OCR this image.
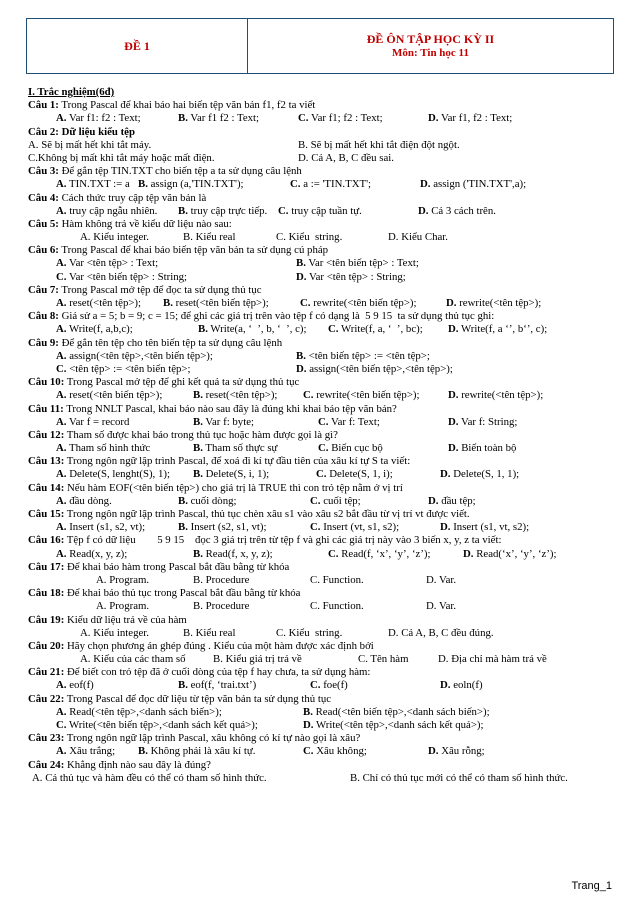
ĐỀ 1	ĐỀ ÔN TẬP HỌC KỲ II
Môn: Tin học 11
I. Trắc nghiệm(6đ)
Câu 1: Trong Pascal để khai báo hai biến tệp văn bản f1, f2 ta viết
A. Var f1: f2 : Text;	B. Var f1 f2 : Text;	C. Var f1; f2 : Text;	D. Var f1, f2 : Text;
Câu 2: Dữ liệu kiểu tệp
A. Sẽ bị mất hết khi tắt máy.	B. Sẽ bị mất hết khi tắt điện đột ngột.
C.Không bị mất khi tắt máy hoặc mất điện.	D. Cả A, B, C đều sai.
Câu 3: Để gắn tệp TIN.TXT cho biến tệp a ta sử dụng câu lệnh
A. TIN.TXT := a B. assign (a,'TIN.TXT');	C. a := 'TIN.TXT';	D. assign ('TIN.TXT',a);
Câu 4: Cách thức truy cập tệp văn bản là
A. truy cập ngẫu nhiên. B. truy cập trực tiếp. C. truy cập tuần tự.	D. Cả 3 cách trên.
Câu 5: Hàm không trả về kiểu dữ liệu nào sau:
A. Kiểu integer.	B. Kiểu real	C. Kiểu  string.	D. Kiểu Char.
Câu 6: Trong Pascal để khai báo biến tệp văn bản ta sử dụng cú pháp
A. Var <tên tệp> : Text;	B. Var <tên biến tệp> : Text;
C. Var <tên biến tệp> : String;	D. Var <tên tệp> : String;
Câu 7: Trong Pascal mở tệp để đọc ta sử dụng thủ tục
A. reset(<tên tệp>); B. reset(<tên biến tệp>);	C. rewrite(<tên biến tệp>);	D. rewrite(<tên tệp>);
Câu 8: Giả sử a = 5; b = 9; c = 15; để ghi các giá trị trên vào tệp f có dạng là  5 9 15  ta sử dụng thủ tục ghi:
A. Write(f, a,b,c);	B. Write(a, ‘  ’, b, ‘  ’, c); C. Write(f, a, ‘  ’, bc); D. Write(f, a ‘’, b‘’, c);
Câu 9: Để gắn tên tệp cho tên biến tệp ta sử dụng câu lệnh
A. assign(<tên tệp>,<tên biến tệp>);	B. <tên biến tệp> := <tên tệp>;
C. <tên tệp> := <tên biến tệp>;	D. assign(<tên biến tệp>,<tên tệp>);
Câu 10: Trong Pascal mở tệp để ghi kết quả ta sử dụng thủ tục
A. reset(<tên biến tệp>);	B. reset(<tên tệp>); C. rewrite(<tên biến tệp>);	D. rewrite(<tên tệp>);
Câu 11: Trong NNLT Pascal, khai báo nào sau đây là đúng khi khai báo tệp văn bản?
A. Var f = record	B. Var f: byte;	C. Var f: Text;	D. Var f: String;
Câu 12: Tham số được khai báo trong thủ tục hoặc hàm được gọi là gì?
A. Tham số hình thức	B. Tham số thực sự	C. Biến cục bộ	D. Biến toàn bộ
Câu 13: Trong ngôn ngữ lập trình Pascal, để xoá đi kí tự đầu tiên của xâu kí tự S ta viết:
A. Delete(S, lenght(S), 1); B. Delete(S, i, 1);	C. Delete(S, 1, i);	D. Delete(S, 1, 1);
Câu 14: Nếu hàm EOF(<tên biến tệp>) cho giá trị là TRUE thì con trỏ tệp nằm ở vị trí
A. đầu dòng.	B. cuối dòng;	C. cuối tệp;	D. đầu tệp;
Câu 15: Trong ngôn ngữ lập trình Pascal, thủ tục chèn xâu s1 vào xâu s2 bắt đầu từ vị trí vt được viết.
A. Insert (s1, s2, vt);	B. Insert (s2, s1, vt);	C. Insert (vt, s1, s2);	D. Insert (s1, vt, s2);
Câu 16: Tệp f có dữ liệu        5 9 15    đọc 3 giá trị trên từ tệp f và ghi các giá trị này vào 3 biến x, y, z ta viết:
A. Read(x, y, z);	B. Read(f, x, y, z);	C. Read(f, ‘x’, ‘y’, ‘z’);	D. Read(‘x’, ‘y’, ‘z’);
Câu 17: Để khai báo hàm trong Pascal bắt đầu bằng từ khóa
A. Program.	B. Procedure	C. Function.	D. Var.
Câu 18: Để khai báo thủ tục trong Pascal bắt đầu bằng từ khóa
A. Program.	B. Procedure	C. Function.	D. Var.
Câu 19: Kiểu dữ liệu trả về của hàm
A. Kiểu integer.	B. Kiểu real	C. Kiểu  string.	D. Cả A, B, C đều đúng.
Câu 20: Hãy chọn phương án ghép đúng . Kiểu của một hàm được xác định bởi
A. Kiểu của các tham số	B. Kiểu giá trị trả về	C. Tên hàm	D. Địa chỉ mà hàm trả về
Câu 21: Để biết con trỏ tệp đã ở cuối dòng của tệp f hay chưa, ta sử dụng hàm:
A. eof(f)	B. eof(f, ‘trai.txt’)	C. foe(f)	D. eoln(f)
Câu 22: Trong Pascal để đọc dữ liệu từ tệp văn bản ta sử dụng thủ tục
A. Read(<tên tệp>,<danh sách biến>);	B. Read(<tên biến tệp>,<danh sách biến>);
C. Write(<tên biến tệp>,<danh sách kết quả>);	D. Write(<tên tệp>,<danh sách kết quả>);
Câu 23: Trong ngôn ngữ lập trình Pascal, xâu không có kí tự nào gọi là xâu?
A. Xâu trắng; B. Không phải là xâu kí tự.	C. Xâu không;	D. Xâu rỗng;
Câu 24: Khẳng định nào sau đây là đúng?
A. Cả thủ tục và hàm đều có thể có tham số hình thức.	B. Chỉ có thủ tục mới có thể có tham số hình thức.
Trang_1
